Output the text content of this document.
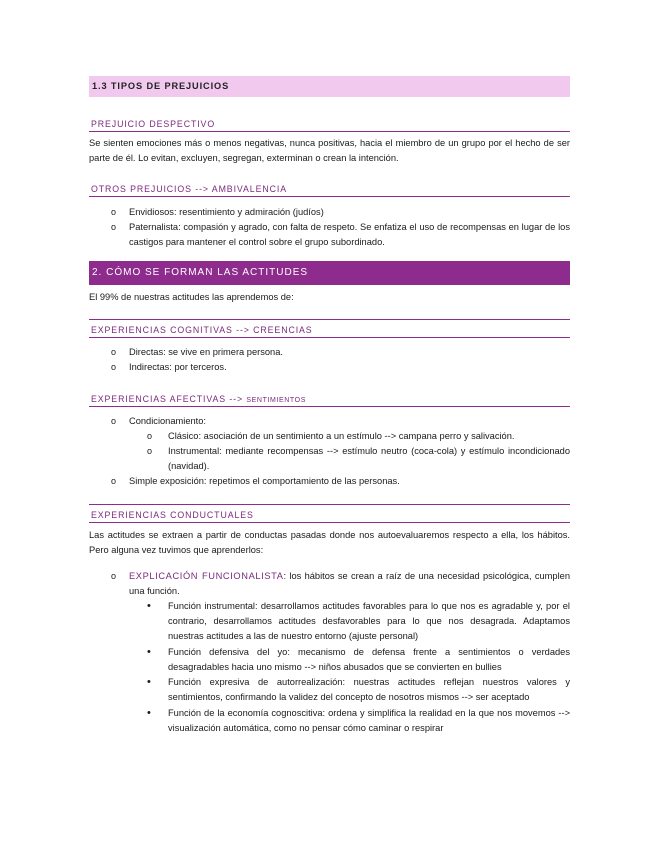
1.3 TIPOS DE PREJUICIOS
PREJUICIO DESPECTIVO
Se sienten emociones más o menos negativas, nunca positivas, hacia el miembro de un grupo por el hecho de ser parte de él. Lo evitan, excluyen, segregan, exterminan o crean la intención.
OTROS PREJUICIOS --> AMBIVALENCIA
o
Envidiosos: resentimiento y admiración (judíos)
o
Paternalista: compasión y agrado, con falta de respeto. Se enfatiza el uso de recompensas en lugar de los castigos para mantener el control sobre el grupo subordinado.
2. CÓMO SE FORMAN LAS ACTITUDES
El 99% de nuestras actitudes las aprendemos de:
EXPERIENCIAS COGNITIVAS --> CREENCIAS
o
Directas: se vive en primera persona.
o
Indirectas: por terceros.
EXPERIENCIAS AFECTIVAS --> SENTIMIENTOS
o
Condicionamiento:
o
Clásico: asociación de un sentimiento a un estímulo --> campana perro y salivación.
o
Instrumental: mediante recompensas --> estímulo neutro (coca-cola) y estímulo incondicionado (navidad).
o
Simple exposición: repetimos el comportamiento de las personas.
EXPERIENCIAS CONDUCTUALES
Las actitudes se extraen a partir de conductas pasadas donde nos autoevaluaremos respecto a ella, los hábitos. Pero alguna vez tuvimos que aprenderlos:
o
EXPLICACIÓN FUNCIONALISTA: los hábitos se crean a raíz de una necesidad psicológica, cumplen una función.
•
Función instrumental: desarrollamos actitudes favorables para lo que nos es agradable y, por el contrario, desarrollamos actitudes desfavorables para lo que nos desagrada. Adaptamos nuestras actitudes a las de nuestro entorno (ajuste personal)
•
Función defensiva del yo: mecanismo de defensa frente a sentimientos o verdades desagradables hacia uno mismo --> niños abusados que se convierten en bullies
•
Función expresiva de autorrealización: nuestras actitudes reflejan nuestros valores y sentimientos, confirmando la validez del concepto de nosotros mismos --> ser aceptado
•
Función de la economía cognoscitiva: ordena y simplifica la realidad en la que nos movemos --> visualización automática, como no pensar cómo caminar o respirar
